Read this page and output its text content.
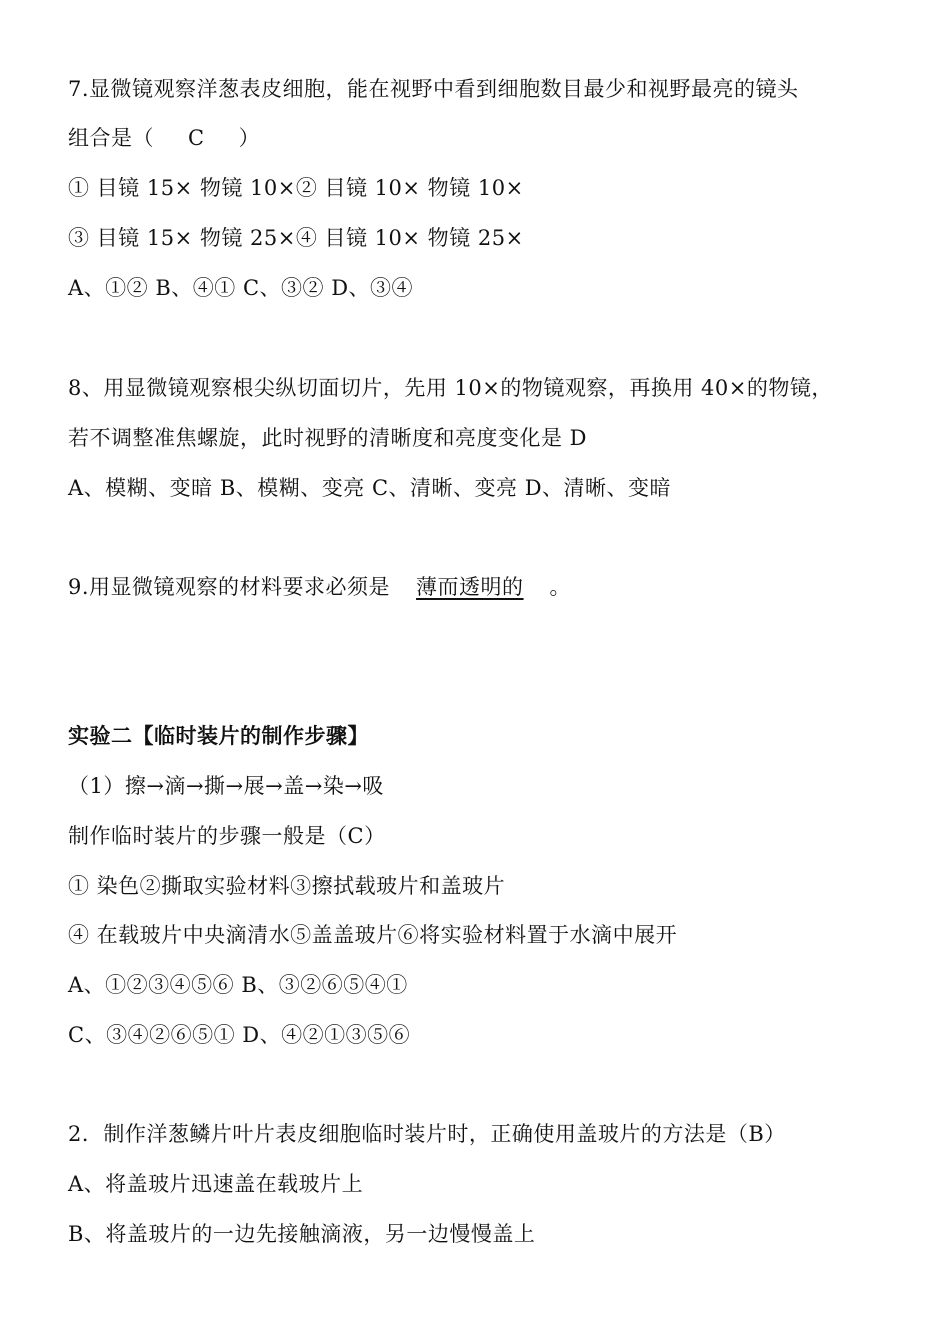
7.显微镜观察洋葱表皮细胞，能在视野中看到细胞数目最少和视野最亮的镜头
组合是（ C ）
① 目镜 15× 物镜 10×② 目镜 10× 物镜 10×
③ 目镜 15× 物镜 25×④ 目镜 10× 物镜 25×
A、①② B、④① C、③② D、③④
8、用显微镜观察根尖纵切面切片，先用 10×的物镜观察，再换用 40×的物镜，
若不调整准焦螺旋，此时视野的清晰度和亮度变化是 D
A、模糊、变暗 B、模糊、变亮 C、清晰、变亮 D、清晰、变暗
9.用显微镜观察的材料要求必须是 薄而透明的 。
实验二【临时装片的制作步骤】
（1）擦→滴→撕→展→盖→染→吸
制作临时装片的步骤一般是（C）
① 染色②撕取实验材料③擦拭载玻片和盖玻片
④ 在载玻片中央滴清水⑤盖盖玻片⑥将实验材料置于水滴中展开
A、①②③④⑤⑥ B、③②⑥⑤④①
C、③④②⑥⑤① D、④②①③⑤⑥
2．制作洋葱鳞片叶片表皮细胞临时装片时，正确使用盖玻片的方法是（B）
A、将盖玻片迅速盖在载玻片上
B、将盖玻片的一边先接触滴液，另一边慢慢盖上
